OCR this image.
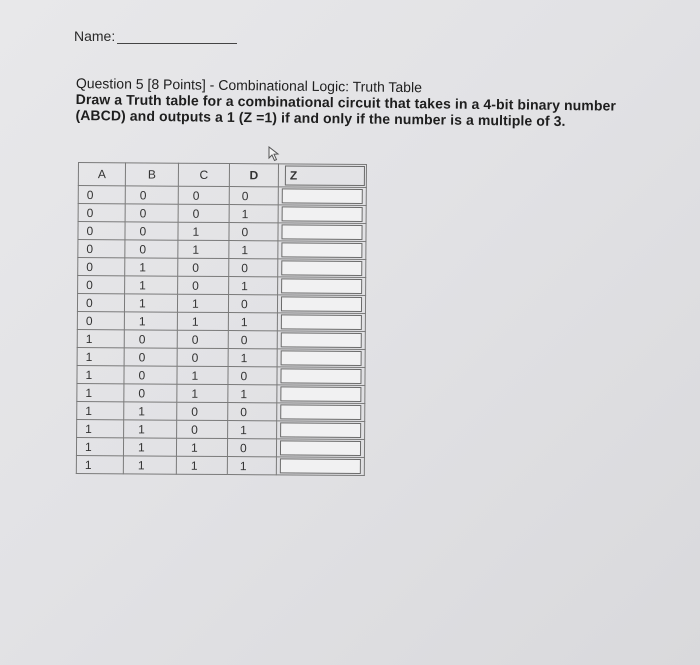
Name:
Question 5 [8 Points] - Combinational Logic: Truth Table
Draw a Truth table for a combinational circuit that takes in a 4-bit binary number (ABCD) and outputs a 1 (Z =1) if and only if the number is a multiple of 3.
A	B	C	D	Z
0	0	0	0	

0	0	0	1	

0	0	1	0	

0	0	1	1	

0	1	0	0	

0	1	0	1	

0	1	1	0	

0	1	1	1	

1	0	0	0	

1	0	0	1	

1	0	1	0	

1	0	1	1	

1	1	0	0	

1	1	0	1	

1	1	1	0	

1	1	1	1	
